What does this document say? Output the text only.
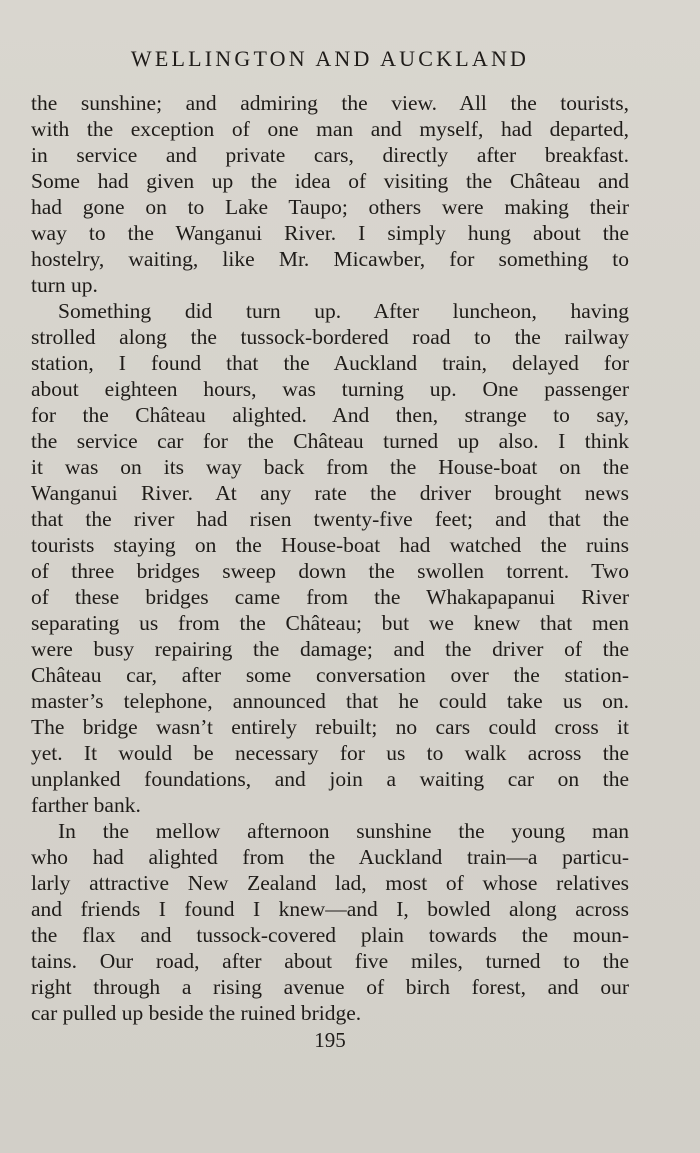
WELLINGTON AND AUCKLAND
the sunshine; and admiring the view. All the tourists,
with the exception of one man and myself, had departed,
in service and private cars, directly after breakfast.
Some had given up the idea of visiting the Château and
had gone on to Lake Taupo; others were making their
way to the Wanganui River. I simply hung about the
hostelry, waiting, like Mr. Micawber, for something to
turn up.
Something did turn up. After luncheon, having
strolled along the tussock-bordered road to the railway
station, I found that the Auckland train, delayed for
about eighteen hours, was turning up. One passenger
for the Château alighted. And then, strange to say,
the service car for the Château turned up also. I think
it was on its way back from the House-boat on the
Wanganui River. At any rate the driver brought news
that the river had risen twenty-five feet; and that the
tourists staying on the House-boat had watched the ruins
of three bridges sweep down the swollen torrent. Two
of these bridges came from the Whakapapanui River
separating us from the Château; but we knew that men
were busy repairing the damage; and the driver of the
Château car, after some conversation over the station-
master’s telephone, announced that he could take us on.
The bridge wasn’t entirely rebuilt; no cars could cross it
yet. It would be necessary for us to walk across the
unplanked foundations, and join a waiting car on the
farther bank.
In the mellow afternoon sunshine the young man
who had alighted from the Auckland train—a particu-
larly attractive New Zealand lad, most of whose relatives
and friends I found I knew—and I, bowled along across
the flax and tussock-covered plain towards the moun-
tains. Our road, after about five miles, turned to the
right through a rising avenue of birch forest, and our
car pulled up beside the ruined bridge.
195
